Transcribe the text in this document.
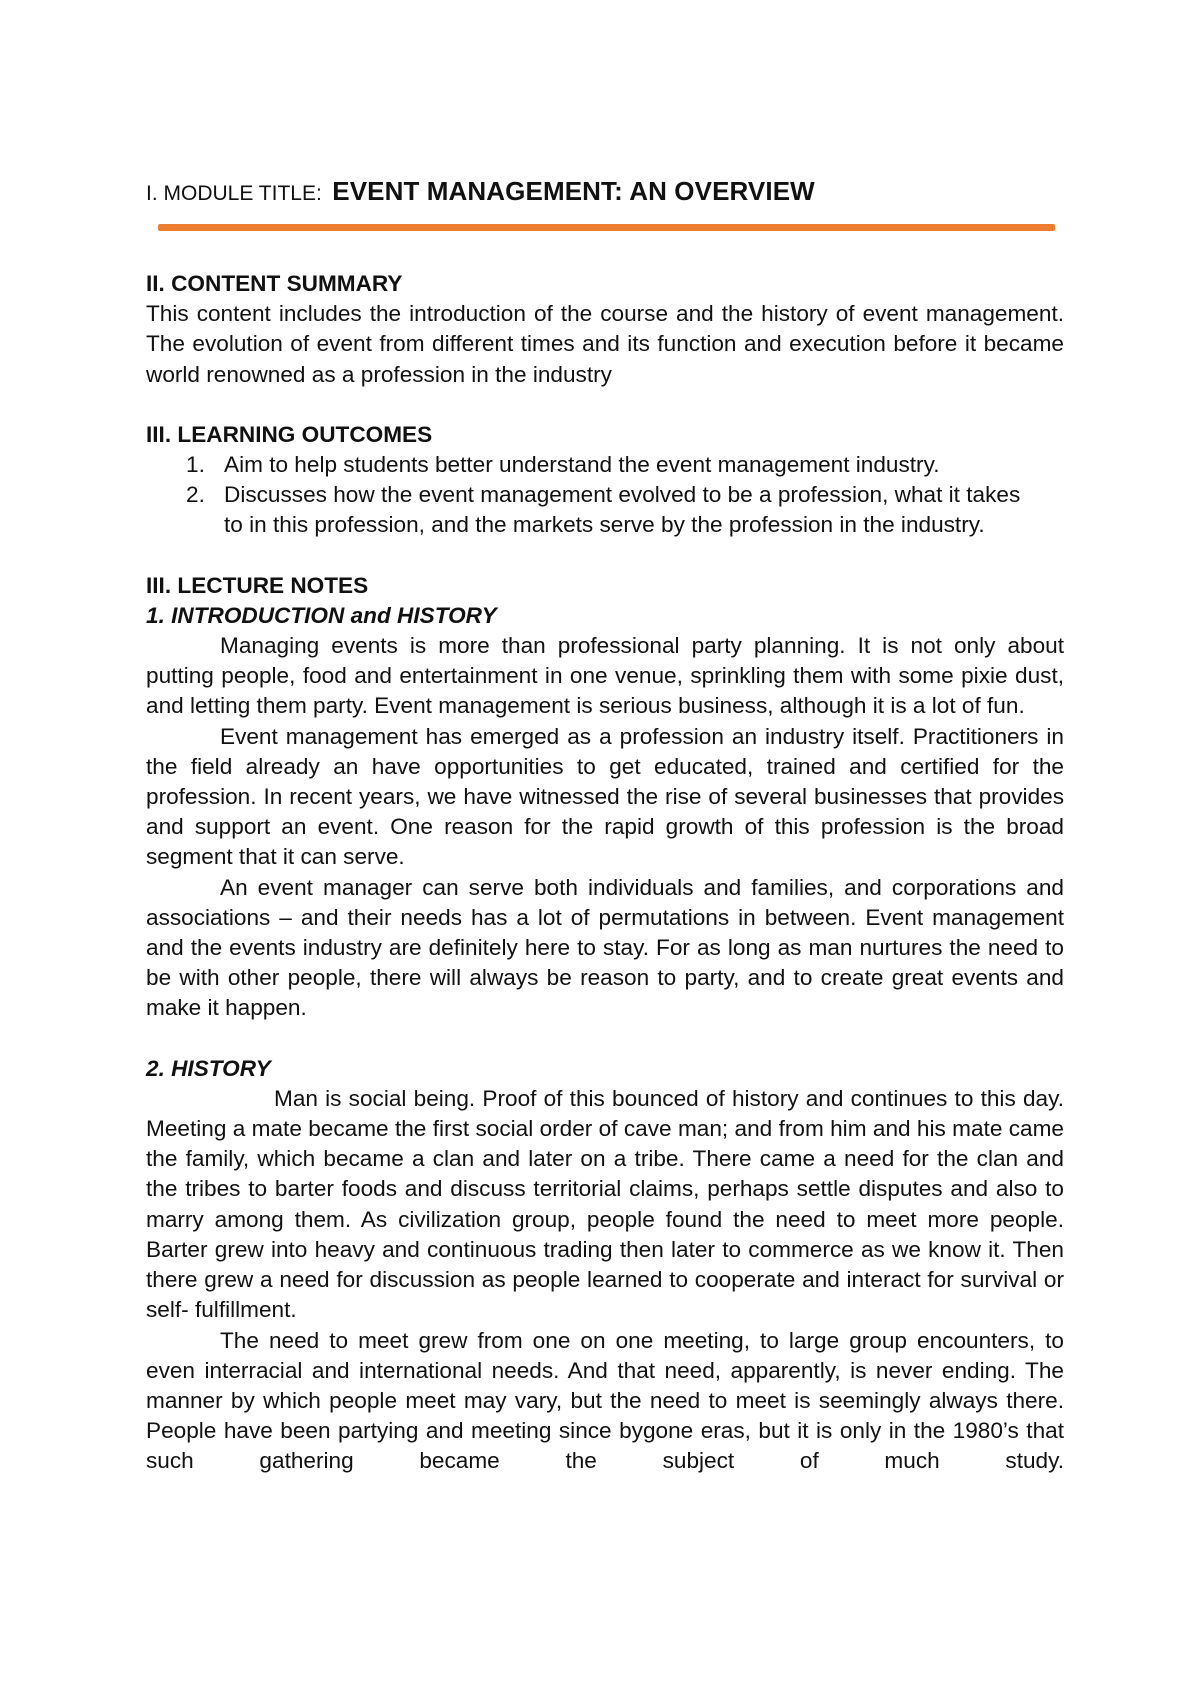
I. MODULE TITLE: EVENT MANAGEMENT: AN OVERVIEW

II. CONTENT SUMMARY

This content includes the introduction of the course and the history of event management. The evolution of event from different times and its function and execution before it became world renowned as a profession in the industry

III. LEARNING OUTCOMES

1. Aim to help students better understand the event management industry.
2. Discusses how the event management evolved to be a profession, what it takes to in this profession, and the markets serve by the profession in the industry.

III. LECTURE NOTES

1. INTRODUCTION and HISTORY

Managing events is more than professional party planning. It is not only about putting people, food and entertainment in one venue, sprinkling them with some pixie dust, and letting them party. Event management is serious business, although it is a lot of fun.

Event management has emerged as a profession an industry itself. Practitioners in the field already an have opportunities to get educated, trained and certified for the profession. In recent years, we have witnessed the rise of several businesses that provides and support an event. One reason for the rapid growth of this profession is the broad segment that it can serve.

An event manager can serve both individuals and families, and corporations and associations – and their needs has a lot of permutations in between. Event management and the events industry are definitely here to stay. For as long as man nurtures the need to be with other people, there will always be reason to party, and to create great events and make it happen.

2. HISTORY

Man is social being. Proof of this bounced of history and continues to this day. Meeting a mate became the first social order of cave man; and from him and his mate came the family, which became a clan and later on a tribe. There came a need for the clan and the tribes to barter foods and discuss territorial claims, perhaps settle disputes and also to marry among them. As civilization group, people found the need to meet more people. Barter grew into heavy and continuous trading then later to commerce as we know it. Then there grew a need for discussion as people learned to cooperate and interact for survival or self- fulfillment.

The need to meet grew from one on one meeting, to large group encounters, to even interracial and international needs. And that need, apparently, is never ending. The manner by which people meet may vary, but the need to meet is seemingly always there. People have been partying and meeting since bygone eras, but it is only in the 1980’s that such gathering became the subject of much study.
